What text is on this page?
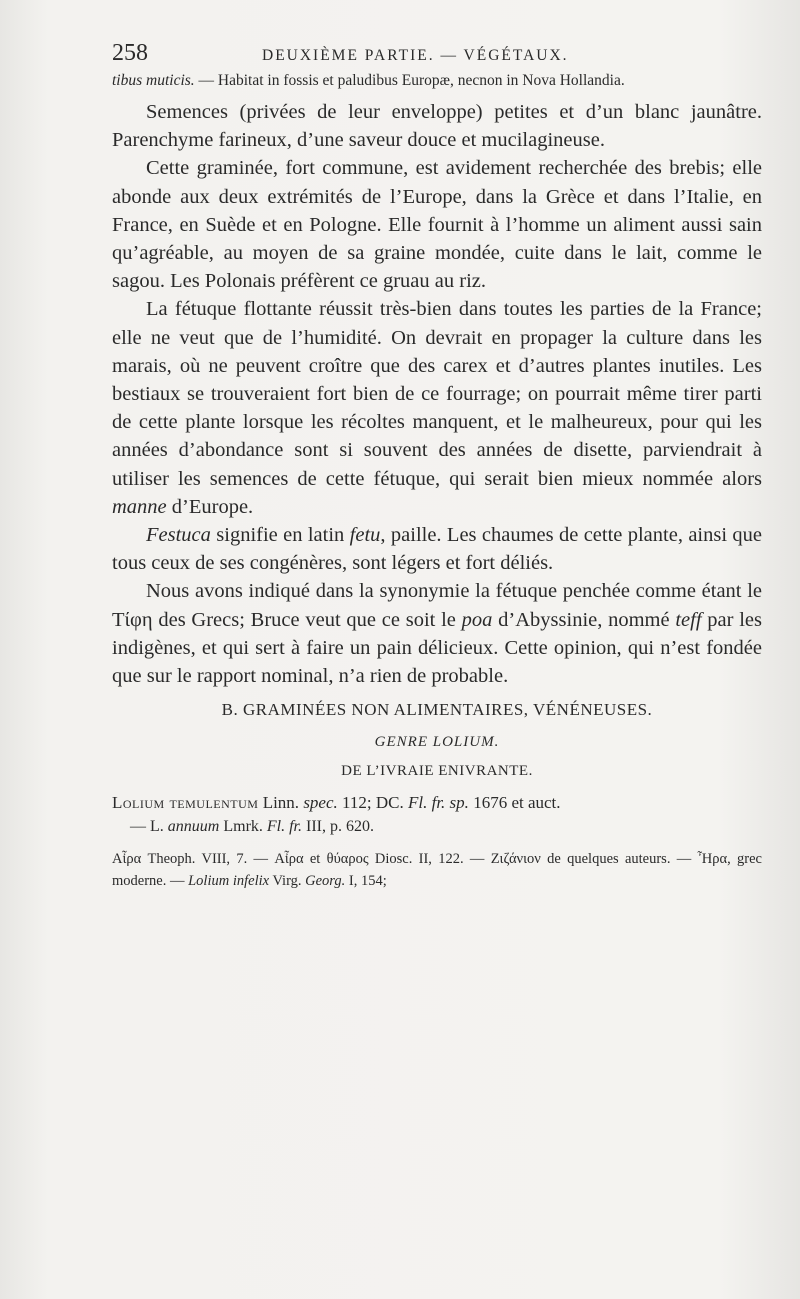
258	DEUXIÈME PARTIE. — VÉGÉTAUX.

tibus muticis. — Habitat in fossis et paludibus Europæ, necnon in Nova Hollandia.

Semences (privées de leur enveloppe) petites et d’un blanc jaunâtre. Parenchyme farineux, d’une saveur douce et mucilagineuse.

Cette graminée, fort commune, est avidement recherchée des brebis; elle abonde aux deux extrémités de l’Europe, dans la Grèce et dans l’Italie, en France, en Suède et en Pologne. Elle fournit à l’homme un aliment aussi sain qu’agréable, au moyen de sa graine mondée, cuite dans le lait, comme le sagou. Les Polonais préfèrent ce gruau au riz.

La fétuque flottante réussit très-bien dans toutes les parties de la France; elle ne veut que de l’humidité. On devrait en propager la culture dans les marais, où ne peuvent croître que des carex et d’autres plantes inutiles. Les bestiaux se trouveraient fort bien de ce fourrage; on pourrait même tirer parti de cette plante lorsque les récoltes manquent, et le malheureux, pour qui les années d’abondance sont si souvent des années de disette, parviendrait à utiliser les semences de cette fétuque, qui serait bien mieux nommée alors manne d’Europe.

Festuca signifie en latin fetu, paille. Les chaumes de cette plante, ainsi que tous ceux de ses congénères, sont légers et fort déliés.

Nous avons indiqué dans la synonymie la fétuque penchée comme étant le Τίφη des Grecs; Bruce veut que ce soit le poa d’Abyssinie, nommé teff par les indigènes, et qui sert à faire un pain délicieux. Cette opinion, qui n’est fondée que sur le rapport nominal, n’a rien de probable.

B. GRAMINÉES NON ALIMENTAIRES, VÉNÉNEUSES.
GENRE LOLIUM.
DE L’IVRAIE ENIVRANTE.

Lolium temulentum Linn. spec. 112; DC. Fl. fr. sp. 1676 et auct.

— L. annuum Lmrk. Fl. fr. III, p. 620.

Αἶρα Theoph. VIII, 7. — Αἶρα et θύαρος Diosc. II, 122. — Ζιζάνιον de quelques auteurs. — Ἦρα, grec moderne. — Lolium infelix Virg. Georg. I, 154;
